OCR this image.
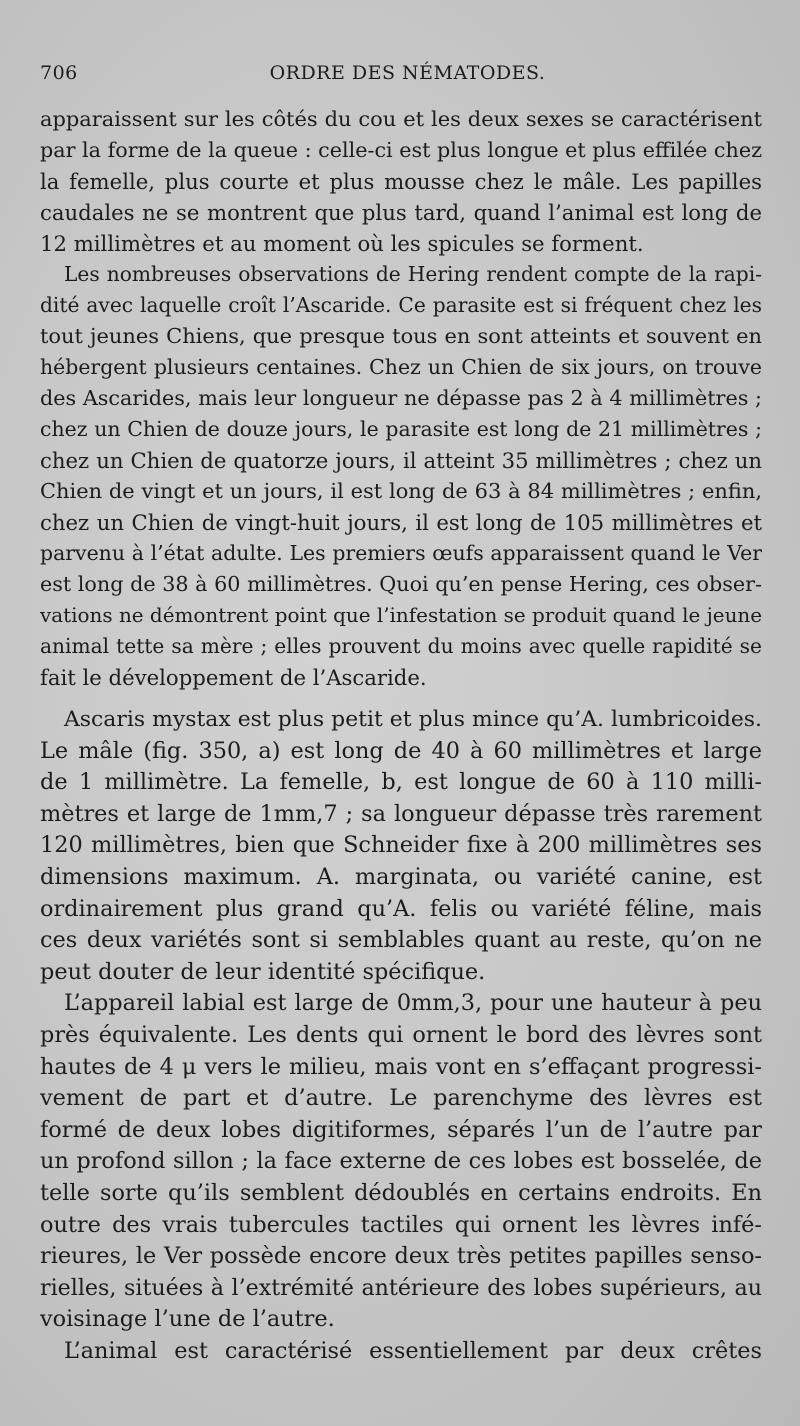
706	ORDRE DES NÉMATODES.
apparaissent sur les côtés du cou et les deux sexes se caractérisent
par la forme de la queue : celle-ci est plus longue et plus effilée chez
la femelle, plus courte et plus mousse chez le mâle. Les papilles
caudales ne se montrent que plus tard, quand l’animal est long de
12 millimètres et au moment où les spicules se forment.
Les nombreuses observations de Hering rendent compte de la rapi-
dité avec laquelle croît l’Ascaride. Ce parasite est si fréquent chez les
tout jeunes Chiens, que presque tous en sont atteints et souvent en
hébergent plusieurs centaines. Chez un Chien de six jours, on trouve
des Ascarides, mais leur longueur ne dépasse pas 2 à 4 millimètres ;
chez un Chien de douze jours, le parasite est long de 21 millimètres ;
chez un Chien de quatorze jours, il atteint 35 millimètres ; chez un
Chien de vingt et un jours, il est long de 63 à 84 millimètres ; enfin,
chez un Chien de vingt-huit jours, il est long de 105 millimètres et
parvenu à l’état adulte. Les premiers œufs apparaissent quand le Ver
est long de 38 à 60 millimètres. Quoi qu’en pense Hering, ces obser-
vations ne démontrent point que l’infestation se produit quand le jeune
animal tette sa mère ; elles prouvent du moins avec quelle rapidité se
fait le développement de l’Ascaride.
Ascaris mystax est plus petit et plus mince qu’A. lumbricoides.
Le mâle (fig. 350, a) est long de 40 à 60 millimètres et large
de 1 millimètre. La femelle, b, est longue de 60 à 110 milli-
mètres et large de 1mm,7 ; sa longueur dépasse très rarement
120 millimètres, bien que Schneider fixe à 200 millimètres ses
dimensions maximum. A. marginata, ou variété canine, est
ordinairement plus grand qu’A. felis ou variété féline, mais
ces deux variétés sont si semblables quant au reste, qu’on ne
peut douter de leur identité spécifique.
L’appareil labial est large de 0mm,3, pour une hauteur à peu
près équivalente. Les dents qui ornent le bord des lèvres sont
hautes de 4 μ vers le milieu, mais vont en s’effaçant progressi-
vement de part et d’autre. Le parenchyme des lèvres est
formé de deux lobes digitiformes, séparés l’un de l’autre par
un profond sillon ; la face externe de ces lobes est bosselée, de
telle sorte qu’ils semblent dédoublés en certains endroits. En
outre des vrais tubercules tactiles qui ornent les lèvres infé-
rieures, le Ver possède encore deux très petites papilles senso-
rielles, situées à l’extrémité antérieure des lobes supérieurs, au
voisinage l’une de l’autre.
L’animal est caractérisé essentiellement par deux crêtes
